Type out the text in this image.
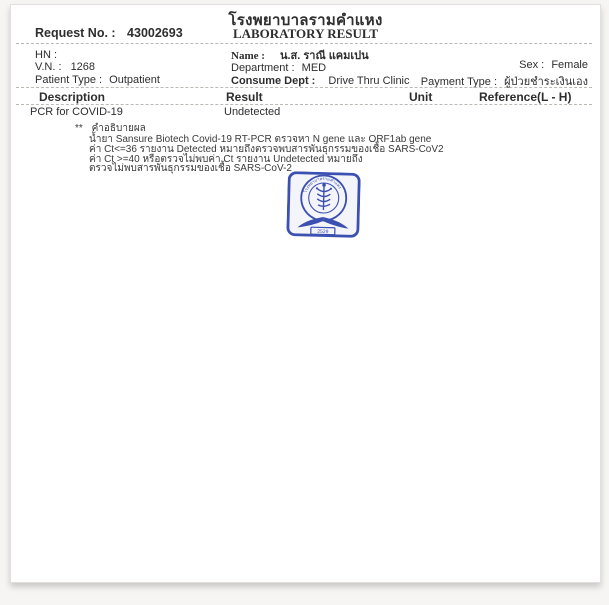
โรงพยาบาลรามคำแหง
Request No. : 43002693	LABORATORY RESULT
HN :	Name : น.ส. ราณี แคมเปน
V.N. : 1268	Department : MED	Sex : Female
Patient Type : Outpatient	Consume Dept : Drive Thru Clinic Payment Type : ผู้ป่วยชำระเงินเอง
Description	Result	Unit	Reference(L - H)
PCR for COVID-19	Undetected
** คำอธิบายผล
น้ำยา Sansure Biotech Covid-19 RT-PCR ตรวจหา N gene และ ORF1ab gene
ค่า Ct<=36 รายงาน Detected หมายถึงตรวจพบสารพันธุกรรมของเชื้อ SARS-CoV2
ค่า Ct >=40 หรือตรวจไม่พบค่า Ct รายงาน Undetected หมายถึง
ตรวจไม่พบสารพันธุกรรมของเชื้อ SARS-CoV-2
โรงพยาบาลรามคำแหง
2529
